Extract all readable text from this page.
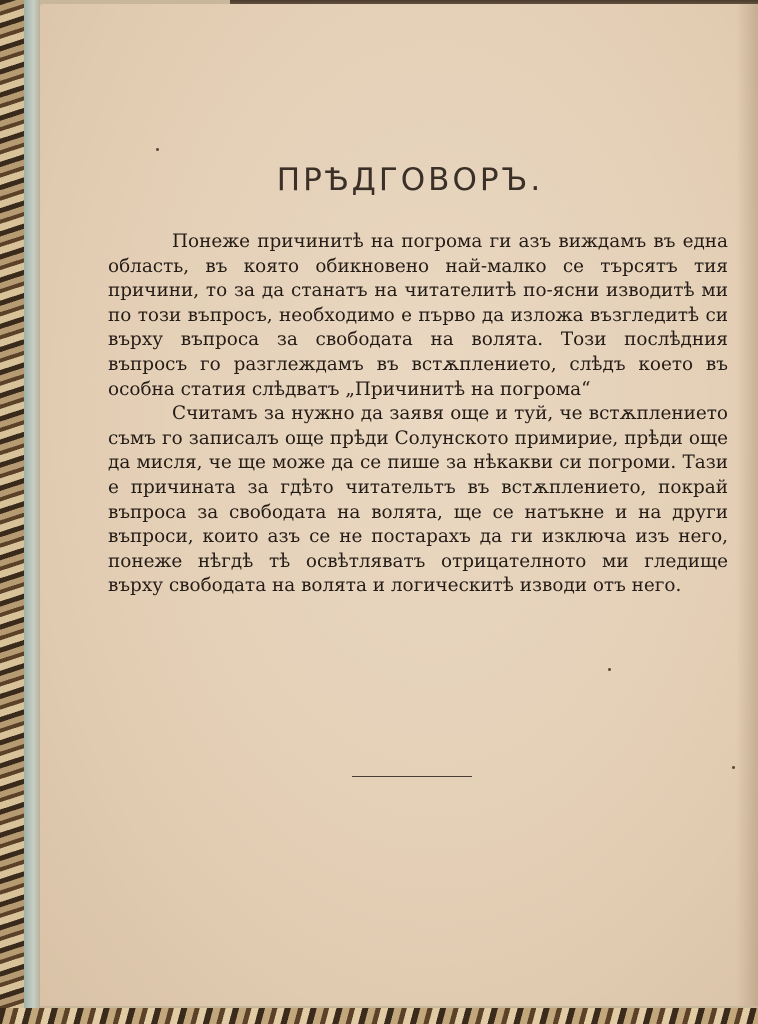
ПРѢДГОВОРЪ.

Понеже причинитѣ на погрома ги азъ виждамъ въ една область, въ която обикновено най-малко се търсятъ тия причини, то за да станатъ на читателитѣ по-ясни изводитѣ ми по този въпросъ, необходимо е първо да изложа възгледитѣ си върху въпроса за свободата на волята. Този послѣдния въпросъ го разглеждамъ въ встѫплението, слѣдъ което въ особна статия слѣдватъ „Причинитѣ на погрома“

Считамъ за нужно да заявя още и туй, че встѫплението съмъ го записалъ още прѣди Солунското примирие, прѣди още да мисля, че ще може да се пише за нѣкакви си погроми. Тази е причината за гдѣто читательтъ въ встѫплението, покрай въпроса за свободата на волята, ще се натъкне и на други въпроси, които азъ се не постарахъ да ги изключа изъ него, понеже нѣгдѣ тѣ освѣтляватъ отрицателното ми гледище върху свободата на волята и логическитѣ изводи отъ него.
